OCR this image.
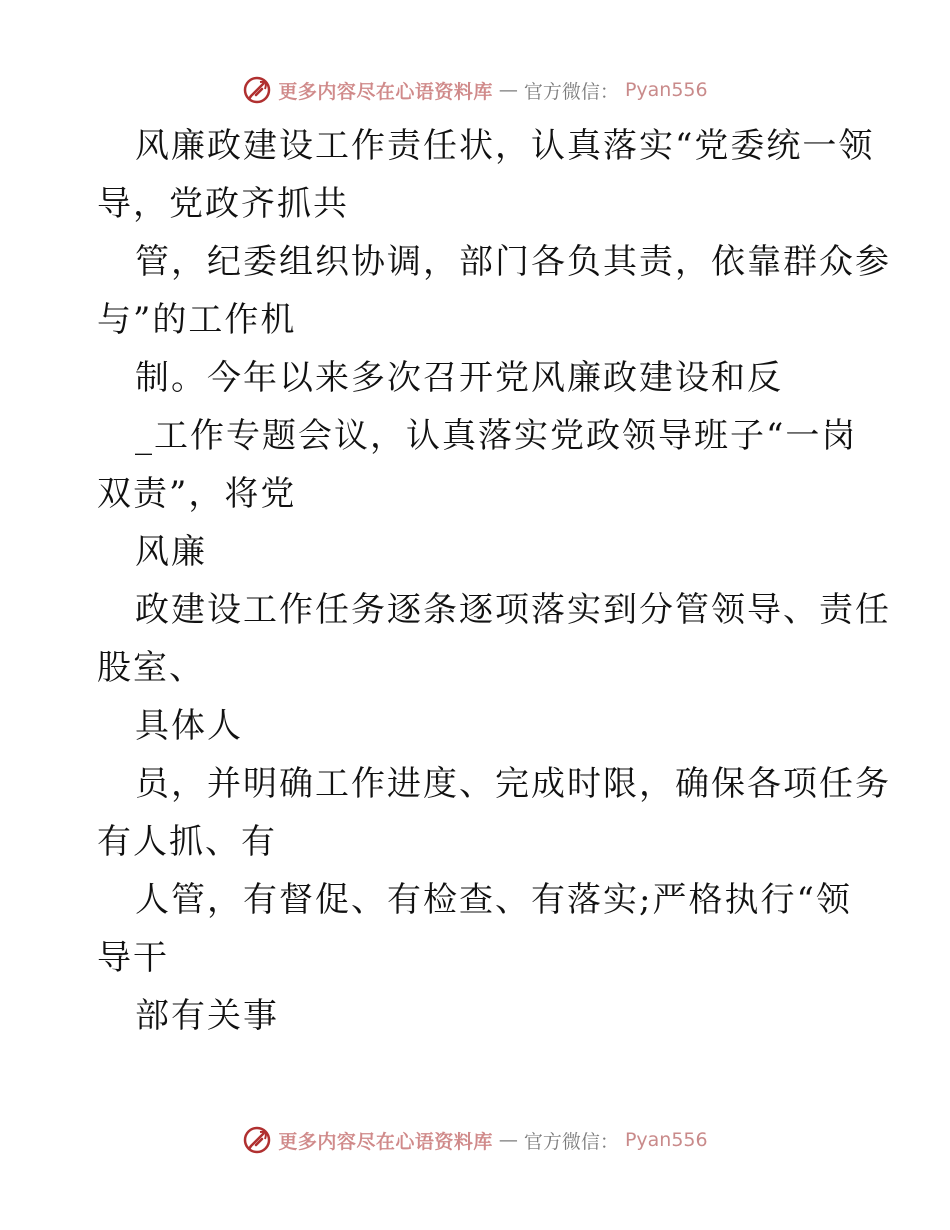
更多内容尽在心语资料库 — 官方微信： Pyan556
风廉政建设工作责任状，认真落实“党委统一领
导，党政齐抓共
管，纪委组织协调，部门各负其责，依靠群众参
与”的工作机
制。今年以来多次召开党风廉政建设和反
_工作专题会议，认真落实党政领导班子“一岗
双责”，将党
风廉
政建设工作任务逐条逐项落实到分管领导、责任
股室、
具体人
员，并明确工作进度、完成时限，确保各项任务
有人抓、有
人管，有督促、有检查、有落实;严格执行“领
导干
部有关事
更多内容尽在心语资料库 — 官方微信： Pyan556
